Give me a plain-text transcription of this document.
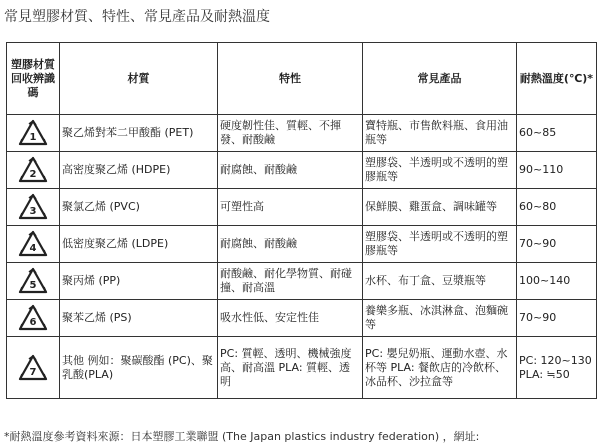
常見塑膠材質、特性、常見產品及耐熱溫度
塑膠材質回收辨識碼	材質	特性	常見產品	耐熱溫度(℃)*

1	聚乙烯對苯二甲酸酯 (PET)	硬度韌性佳、質輕、不揮發、耐酸鹼	寶特瓶、市售飲料瓶、食用油瓶等	60~85

2	高密度聚乙烯 (HDPE)	耐腐蝕、耐酸鹼	塑膠袋、半透明或不透明的塑膠瓶等	90~110

3	聚氯乙烯 (PVC)	可塑性高	保鮮膜、雞蛋盒、調味罐等	60~80

4	低密度聚乙烯 (LDPE)	耐腐蝕、耐酸鹼	塑膠袋、半透明或不透明的塑膠瓶等	70~90

5	聚丙烯 (PP)	耐酸鹼、耐化學物質、耐碰撞、耐高溫	水杯、布丁盒、豆漿瓶等	100~140

6	聚苯乙烯 (PS)	吸水性低、安定性佳	養樂多瓶、冰淇淋盒、泡麵碗等	70~90

7	其他 例如：聚碳酸酯 (PC)、聚乳酸(PLA)	PC: 質輕、透明、機械強度高、耐高溫 PLA: 質輕、透明	PC: 嬰兒奶瓶、運動水壺、水杯等 PLA: 餐飲店的冷飲杯、冰品杯、沙拉盒等	PC: 120~130 PLA: ≒50
*耐熱溫度參考資料來源：日本塑膠工業聯盟 (The Japan plastics industry federation) ，網址:
